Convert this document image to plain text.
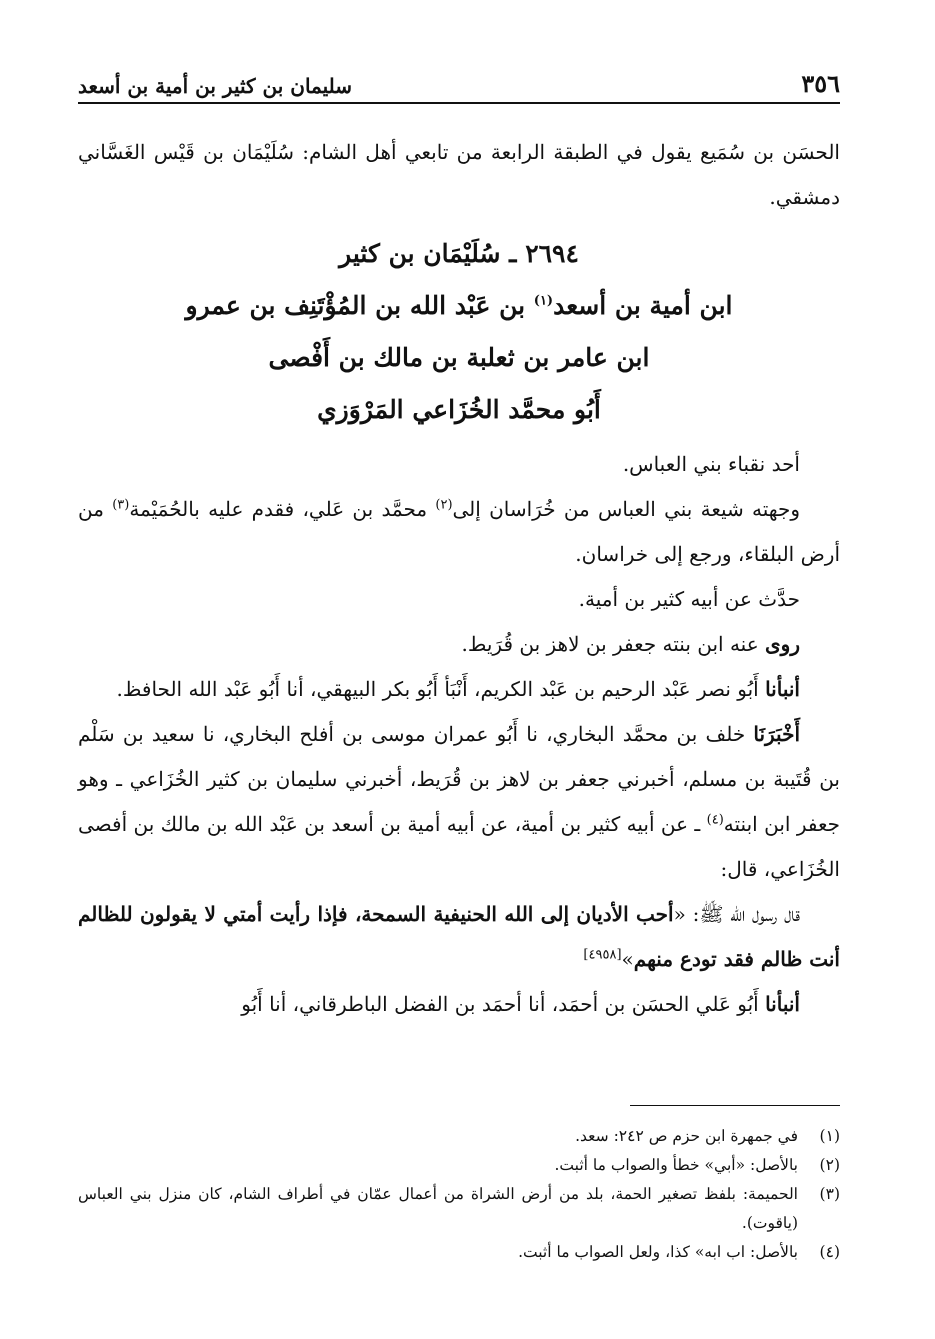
٣٥٦
سليمان بن كثير بن أمية بن أسعد

الحسَن بن سُمَيع يقول في الطبقة الرابعة من تابعي أهل الشام: سُلَيْمَان بن قَيْس الغَسَّاني دمشقي.

٢٦٩٤ ـ سُلَيْمَان بن كثير
ابن أمية بن أسعد$^{(١)}$ بن عَبْد الله بن المُؤْتَنِف بن عمرو
ابن عامر بن ثعلبة بن مالك بن أَفْصى
أَبُو محمَّد الخُزَاعي المَرْوَزي

أحد نقباء بني العباس.

وجهته شيعة بني العباس من خُرَاسان إلى$^{(٢)}$ محمَّد بن عَلي، فقدم عليه بالحُمَيْمة$^{(٣)}$ من أرض البلقاء، ورجع إلى خراسان.

حدَّث عن أبيه كثير بن أمية.

روى عنه ابن بنته جعفر بن لاهز بن قُرَيط.

أنبأنا أَبُو نصر عَبْد الرحيم بن عَبْد الكريم، أَنْبَأ أَبُو بكر البيهقي، أنا أَبُو عَبْد الله الحافظ.

أَخْبَرَنَا خلف بن محمَّد البخاري، نا أَبُو عمران موسى بن أفلح البخاري، نا سعيد بن سَلْم بن قُتَيبة بن مسلم، أخبرني جعفر بن لاهز بن قُرَيط، أخبرني سليمان بن كثير الخُزَاعي ـ وهو جعفر ابن ابنته$^{(٤)}$ ـ عن أبيه كثير بن أمية، عن أبيه أمية بن أسعد بن عَبْد الله بن مالك بن أفصى الخُزَاعي، قال:

قال رسول الله ﷺ: «أحب الأديان إلى الله الحنيفية السمحة، فإذا رأيت أمتي لا يقولون للظالم أنت ظالم فقد تودع منهم»[٤٩٥٨]

أنبأنا أَبُو عَلي الحسَن بن أحمَد، أنا أحمَد بن الفضل الباطرقاني، أنا أَبُو

(١)
في جمهرة ابن حزم ص ٢٤٢: سعد.
(٢)
بالأصل: «أبي» خطأ والصواب ما أثبت.
(٣)
الحميمة: بلفظ تصغير الحمة، بلد من أرض الشراة من أعمال عمّان في أطراف الشام، كان منزل بني العباس (ياقوت).
(٤)
بالأصل: اب ابه» كذا، ولعل الصواب ما أثبت.
